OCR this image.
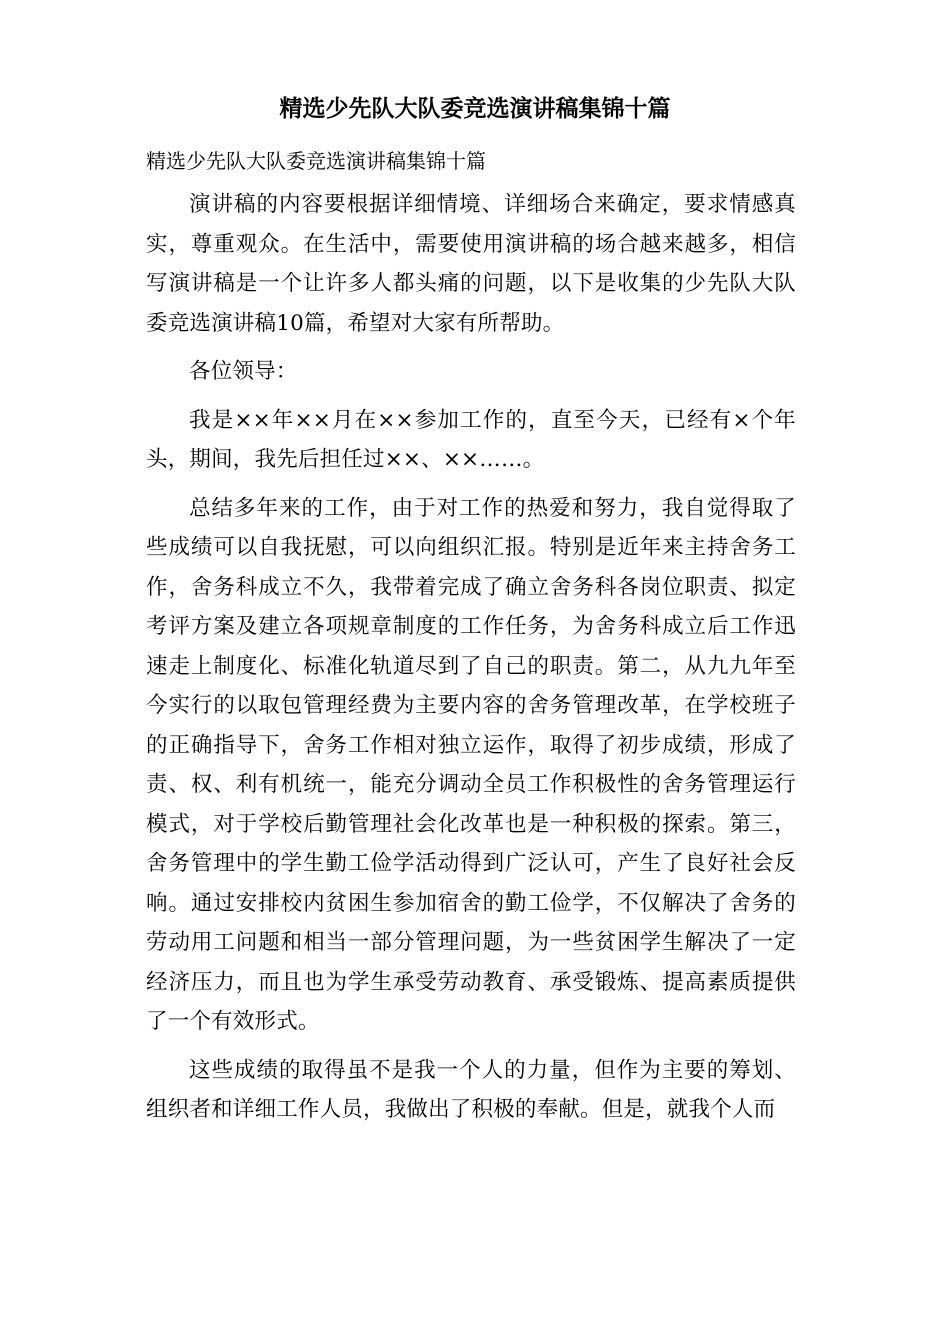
精选少先队大队委竞选演讲稿集锦十篇

精选少先队大队委竞选演讲稿集锦十篇

演讲稿的内容要根据详细情境、详细场合来确定，要求情感真实，尊重观众。在生活中，需要使用演讲稿的场合越来越多，相信写演讲稿是一个让许多人都头痛的问题，以下是收集的少先队大队委竞选演讲稿10篇，希望对大家有所帮助。

各位领导：

我是××年××月在××参加工作的，直至今天，已经有×个年头，期间，我先后担任过××、××……。

总结多年来的工作，由于对工作的热爱和努力，我自觉得取了些成绩可以自我抚慰，可以向组织汇报。特别是近年来主持舍务工作，舍务科成立不久，我带着完成了确立舍务科各岗位职责、拟定考评方案及建立各项规章制度的工作任务，为舍务科成立后工作迅速走上制度化、标准化轨道尽到了自己的职责。第二，从九九年至今实行的以取包管理经费为主要内容的舍务管理改革，在学校班子的正确指导下，舍务工作相对独立运作，取得了初步成绩，形成了责、权、利有机统一，能充分调动全员工作积极性的舍务管理运行模式，对于学校后勤管理社会化改革也是一种积极的探索。第三，舍务管理中的学生勤工俭学活动得到广泛认可，产生了良好社会反响。通过安排校内贫困生参加宿舍的勤工俭学，不仅解决了舍务的劳动用工问题和相当一部分管理问题，为一些贫困学生解决了一定经济压力，而且也为学生承受劳动教育、承受锻炼、提高素质提供了一个有效形式。

这些成绩的取得虽不是我一个人的力量，但作为主要的筹划、组织者和详细工作人员，我做出了积极的奉献。但是，就我个人而
